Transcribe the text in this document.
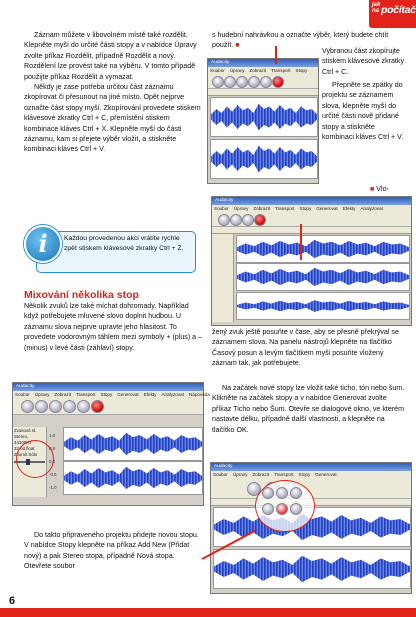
jak
na počítač

Záznam můžete v libovolném místě také rozdělit. Klepněte myší do určité části stopy a v nabídce Úpravy zvolte příkaz Rozdělit, případně Rozdělit a nový. Rozdělení lze provést také na výběru. V tomto případě použijte příkaz Rozdělit a vymazat.

Někdy je zase potřeba určitou část záznamu zkopírovat či přesunout na jiné místo. Opět nejprve označte část stopy myší. Zkopírování provedete stiskem klávesové zkratky Ctrl + C, přemístění stiskem kombinace kláves Ctrl + X. Klepněte myší do části záznamu, kam si přejete výběr vložit, a stiskněte kombinaci kláves Ctrl + V.

i	Každou provedenou akci vrátíte rychle zpět stiskem klávesové zkratky Ctrl + Z.
Mixování několika stop

Několik zvuků lze také míchat dohromady. Například když potřebujete mluvené slovo doplnit hudbou. U záznamu slova nejprve upravte jeho hlasitost. To provedete vodorovným táhlem mezi symboly + (plus) a – (minus) v levé části (záhlaví) stopy.

Audacity
Soubor Úpravy Zobrazit Transport Stopy Generovat Efekty Analyzovat Nápověda
Zvuková st.
Stereo, 44100Hz
32-bit float
Ztlumit Sólo
1,0
0,5
0,0
-0,5
-1,0

Do takto připraveného projektu přidejte novou stopu. V nabídce Stopy klepněte na příkaz Add New (Přidat nový) a pak Stereo stopa, případně Nová stopa. Otevřete soubor

s hudební nahrávkou a označte výběr, který budete chtít použít. ■

Vybranou část zkopírujte stiskem klávesové zkratky Ctrl + C.

Audacity
Soubor Úpravy Zobrazit Transport Stopy

Přepněte se zpátky do projektu se záznamem slova, klepněte myší do určité části nově přidané stopy a stiskněte kombinaci kláves Ctrl + V.

■ Vlo-
Audacity
Soubor Úpravy Zobrazit Transport Stopy Generovat Efekty Analyzovat

žený zvuk ještě posuňte v čase, aby se přesně překrýval se záznamem slova. Na panelu nástrojů klepněte na tlačítko Časový posun a levým tlačítkem myši posuňte vložený záznam tak, jak potřebujete.

Na začátek nové stopy lze vložit také ticho, tón nebo šum. Klikněte na začátek stopy a v nabídce Generovat zvolte příkaz Ticho nebo Šum. Otevře se dialogové okno, ve kterém nastavte délku, případně další vlastnosti, a klepněte na tlačítko OK.

Audacity
Soubor Úpravy Zobrazit Transport Stopy Generovat
6
